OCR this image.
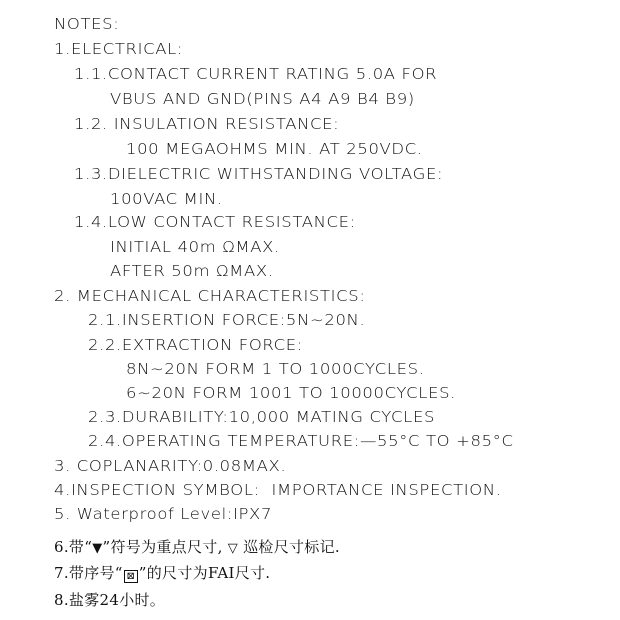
NOTES:
1.ELECTRICAL:
1.1.CONTACT CURRENT RATING 5.0A FOR
VBUS AND GND(PINS A4 A9 B4 B9)
1.2. INSULATION RESISTANCE:
100 MEGAOHMS MIN. AT 250VDC.
1.3.DIELECTRIC WITHSTANDING VOLTAGE:
100VAC MIN.
1.4.LOW CONTACT RESISTANCE:
INITIAL 40m ΩMAX.
AFTER 50m ΩMAX.
2. MECHANICAL CHARACTERISTICS:
2.1.INSERTION FORCE:5N~20N.
2.2.EXTRACTION FORCE:
8N~20N FORM 1 TO 1000CYCLES.
6~20N FORM 1001 TO 10000CYCLES.
2.3.DURABILITY:10,000 MATING CYCLES
2.4.OPERATING TEMPERATURE:—55°C TO +85°C
3. COPLANARITY:0.08MAX.
4.INSPECTION SYMBOL:  IMPORTANCE INSPECTION.
5. Waterproof Level:IPX7
6.带“▼”符号为重点尺寸, ▽ 巡检尺寸标记.
7.带序号“ ⊠ ”的尺寸为FAI尺寸.
8.盐雾24小时。
